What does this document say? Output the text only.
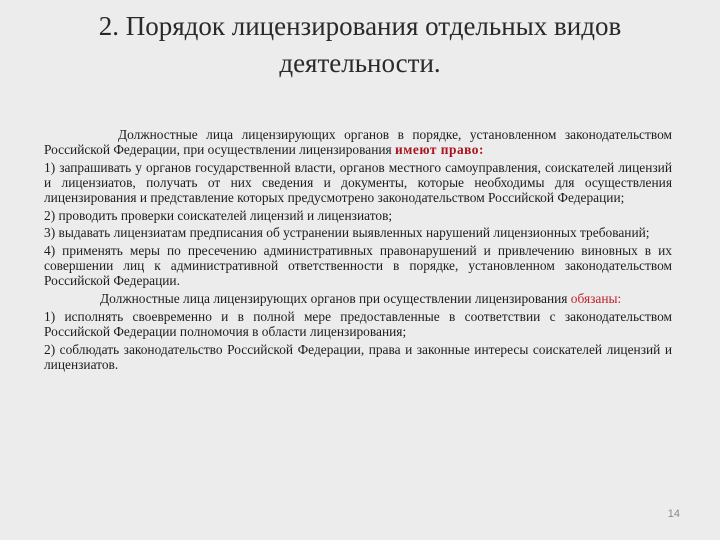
2. Порядок лицензирования отдельных видов деятельности.

Должностные лица лицензирующих органов в порядке, установленном законодательством Российской Федерации, при осуществлении лицензирования имеют право:

1) запрашивать у органов государственной власти, органов местного самоуправления, соискателей лицензий и лицензиатов, получать от них сведения и документы, которые необходимы для осуществления лицензирования и представление которых предусмотрено законодательством Российской Федерации;

2) проводить проверки соискателей лицензий и лицензиатов;

3) выдавать лицензиатам предписания об устранении выявленных нарушений лицензионных требований;

4) применять меры по пресечению административных правонарушений и привлечению виновных в их совершении лиц к административной ответственности в порядке, установленном законодательством Российской Федерации.

Должностные лица лицензирующих органов при осуществлении лицензирования обязаны:

1) исполнять своевременно и в полной мере предоставленные в соответствии с законодательством Российской Федерации полномочия в области лицензирования;

2) соблюдать законодательство Российской Федерации, права и законные интересы соискателей лицензий и лицензиатов.

14
